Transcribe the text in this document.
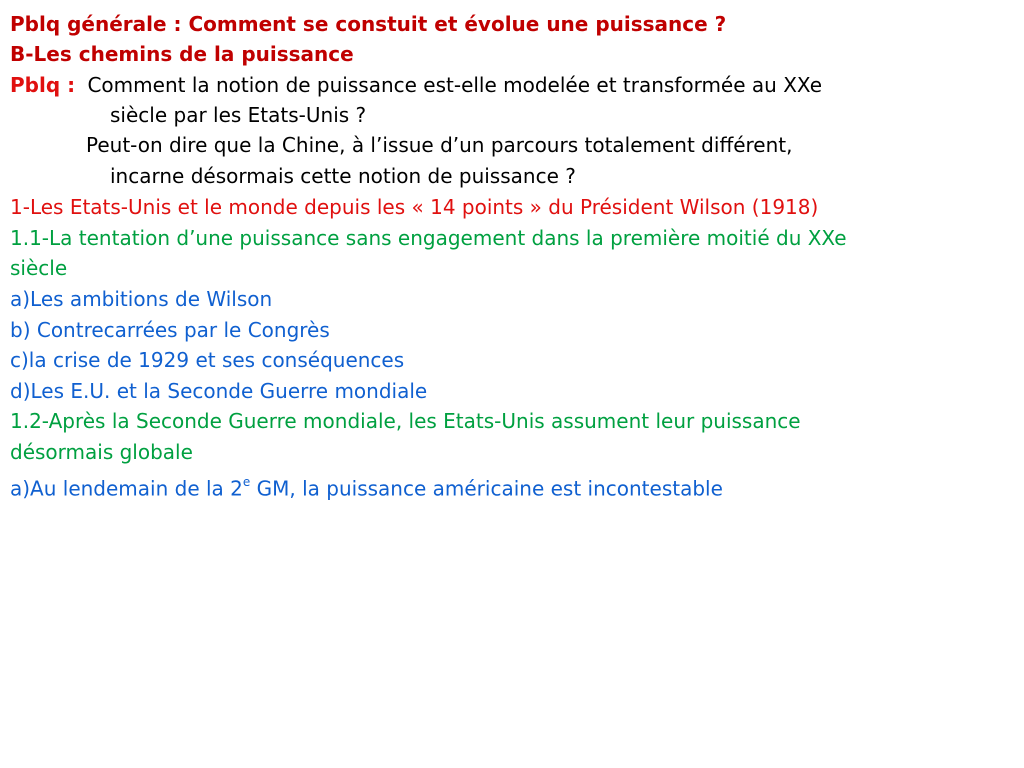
Pblq générale : Comment se constuit et évolue une puissance ?
B-Les chemins de la puissance
Pblq : Comment la notion de puissance est-elle modelée et transformée au XXe
siècle par les Etats-Unis ?
Peut-on dire que la Chine, à l’issue d’un parcours totalement différent,
incarne désormais cette notion de puissance ?
1-Les Etats-Unis et le monde depuis les « 14 points » du Président Wilson (1918)
1.1-La tentation d’une puissance sans engagement dans la première moitié du XXe
siècle
a)Les ambitions de Wilson
b) Contrecarrées par le Congrès
c)la crise de 1929 et ses conséquences
d)Les E.U. et la Seconde Guerre mondiale
1.2-Après la Seconde Guerre mondiale, les Etats-Unis assument leur puissance
désormais globale
a)Au lendemain de la 2e GM, la puissance américaine est incontestable
